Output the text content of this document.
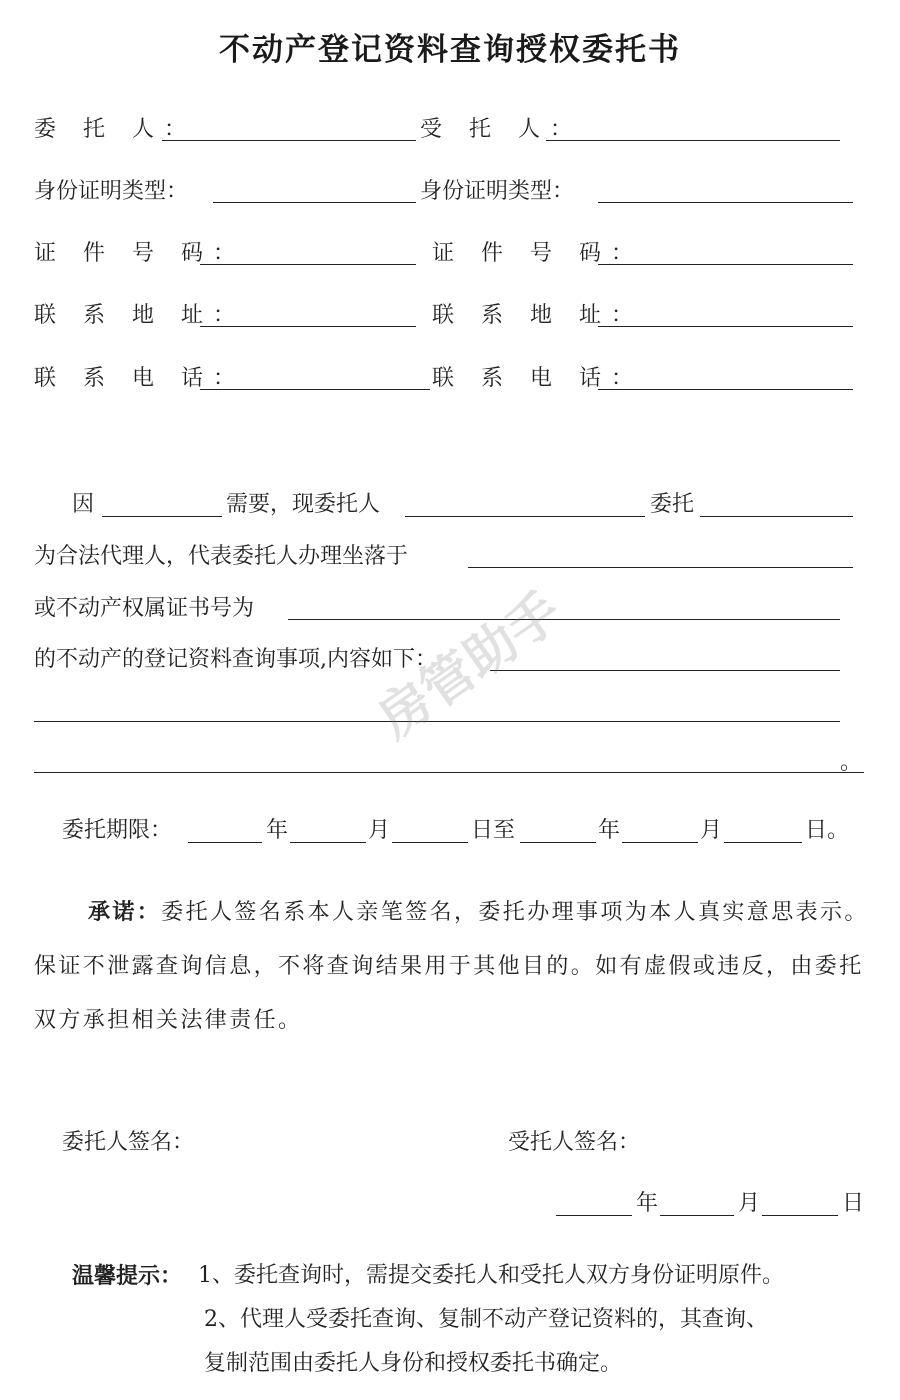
不动产登记资料查询授权委托书
委 托 人：	受 托 人：
身份证明类型：	身份证明类型：
证 件 号 码：	证 件 号 码：
联 系 地 址：	联 系 地 址：
联 系 电 话：	联 系 电 话：
因	需要，现委托人	委托
为合法代理人，代表委托人办理坐落于
或不动产权属证书号为
的不动产的登记资料查询事项,内容如下：
。
委托期限：	年	月	日至	年	月	日。
承诺：委托人签名系本人亲笔签名，委托办理事项为本人真实意思表示。保证不泄露查询信息，不将查询结果用于其他目的。如有虚假或违反，由委托双方承担相关法律责任。
委托人签名：	受托人签名：
年	月	日
温馨提示： 1、委托查询时，需提交委托人和受托人双方身份证明原件。
2、代理人受委托查询、复制不动产登记资料的，其查询、
复制范围由委托人身份和授权委托书确定。
房管助手
